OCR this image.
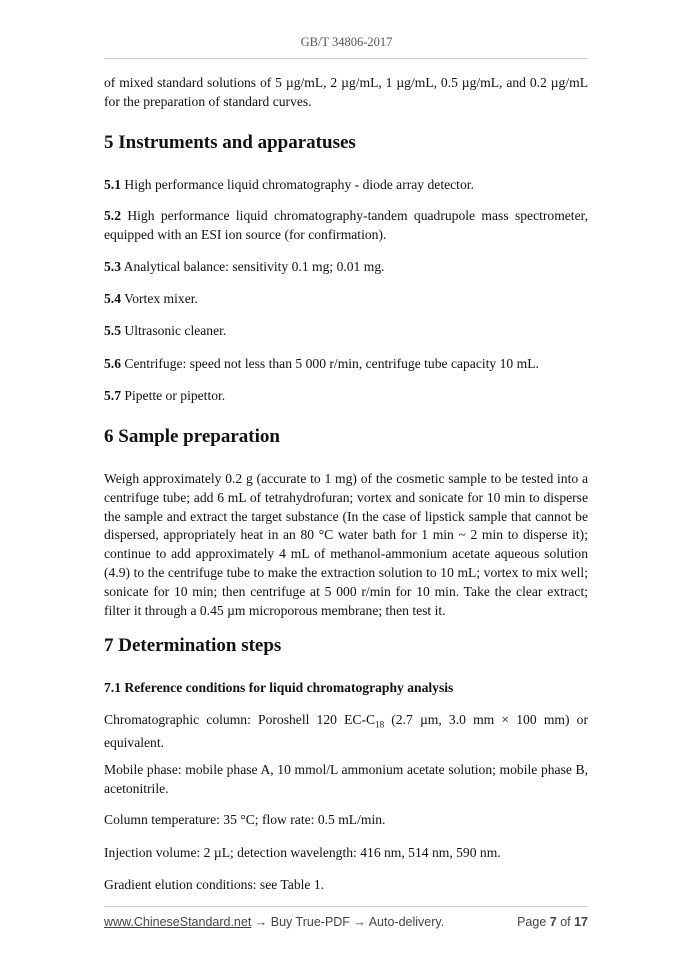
GB/T 34806-2017
of mixed standard solutions of 5 µg/mL, 2 µg/mL, 1 µg/mL, 0.5 µg/mL, and 0.2 µg/mL for the preparation of standard curves.
5 Instruments and apparatuses
5.1 High performance liquid chromatography - diode array detector.
5.2 High performance liquid chromatography-tandem quadrupole mass spectrometer, equipped with an ESI ion source (for confirmation).
5.3 Analytical balance: sensitivity 0.1 mg; 0.01 mg.
5.4 Vortex mixer.
5.5 Ultrasonic cleaner.
5.6 Centrifuge: speed not less than 5 000 r/min, centrifuge tube capacity 10 mL.
5.7 Pipette or pipettor.
6 Sample preparation
Weigh approximately 0.2 g (accurate to 1 mg) of the cosmetic sample to be tested into a centrifuge tube; add 6 mL of tetrahydrofuran; vortex and sonicate for 10 min to disperse the sample and extract the target substance (In the case of lipstick sample that cannot be dispersed, appropriately heat in an 80 °C water bath for 1 min ~ 2 min to disperse it); continue to add approximately 4 mL of methanol-ammonium acetate aqueous solution (4.9) to the centrifuge tube to make the extraction solution to 10 mL; vortex to mix well; sonicate for 10 min; then centrifuge at 5 000 r/min for 10 min. Take the clear extract; filter it through a 0.45 µm microporous membrane; then test it.
7 Determination steps
7.1 Reference conditions for liquid chromatography analysis
Chromatographic column: Poroshell 120 $EC-C_{18}$ (2.7 µm, 3.0 mm × 100 mm) or equivalent.
Mobile phase: mobile phase A, 10 mmol/L ammonium acetate solution; mobile phase B, acetonitrile.
Column temperature: 35 °C; flow rate: 0.5 mL/min.
Injection volume: 2 µL; detection wavelength: 416 nm, 514 nm, 590 nm.
Gradient elution conditions: see Table 1.
www.ChineseStandard.net → Buy True-PDF → Auto-delivery.	Page 7 of 17
